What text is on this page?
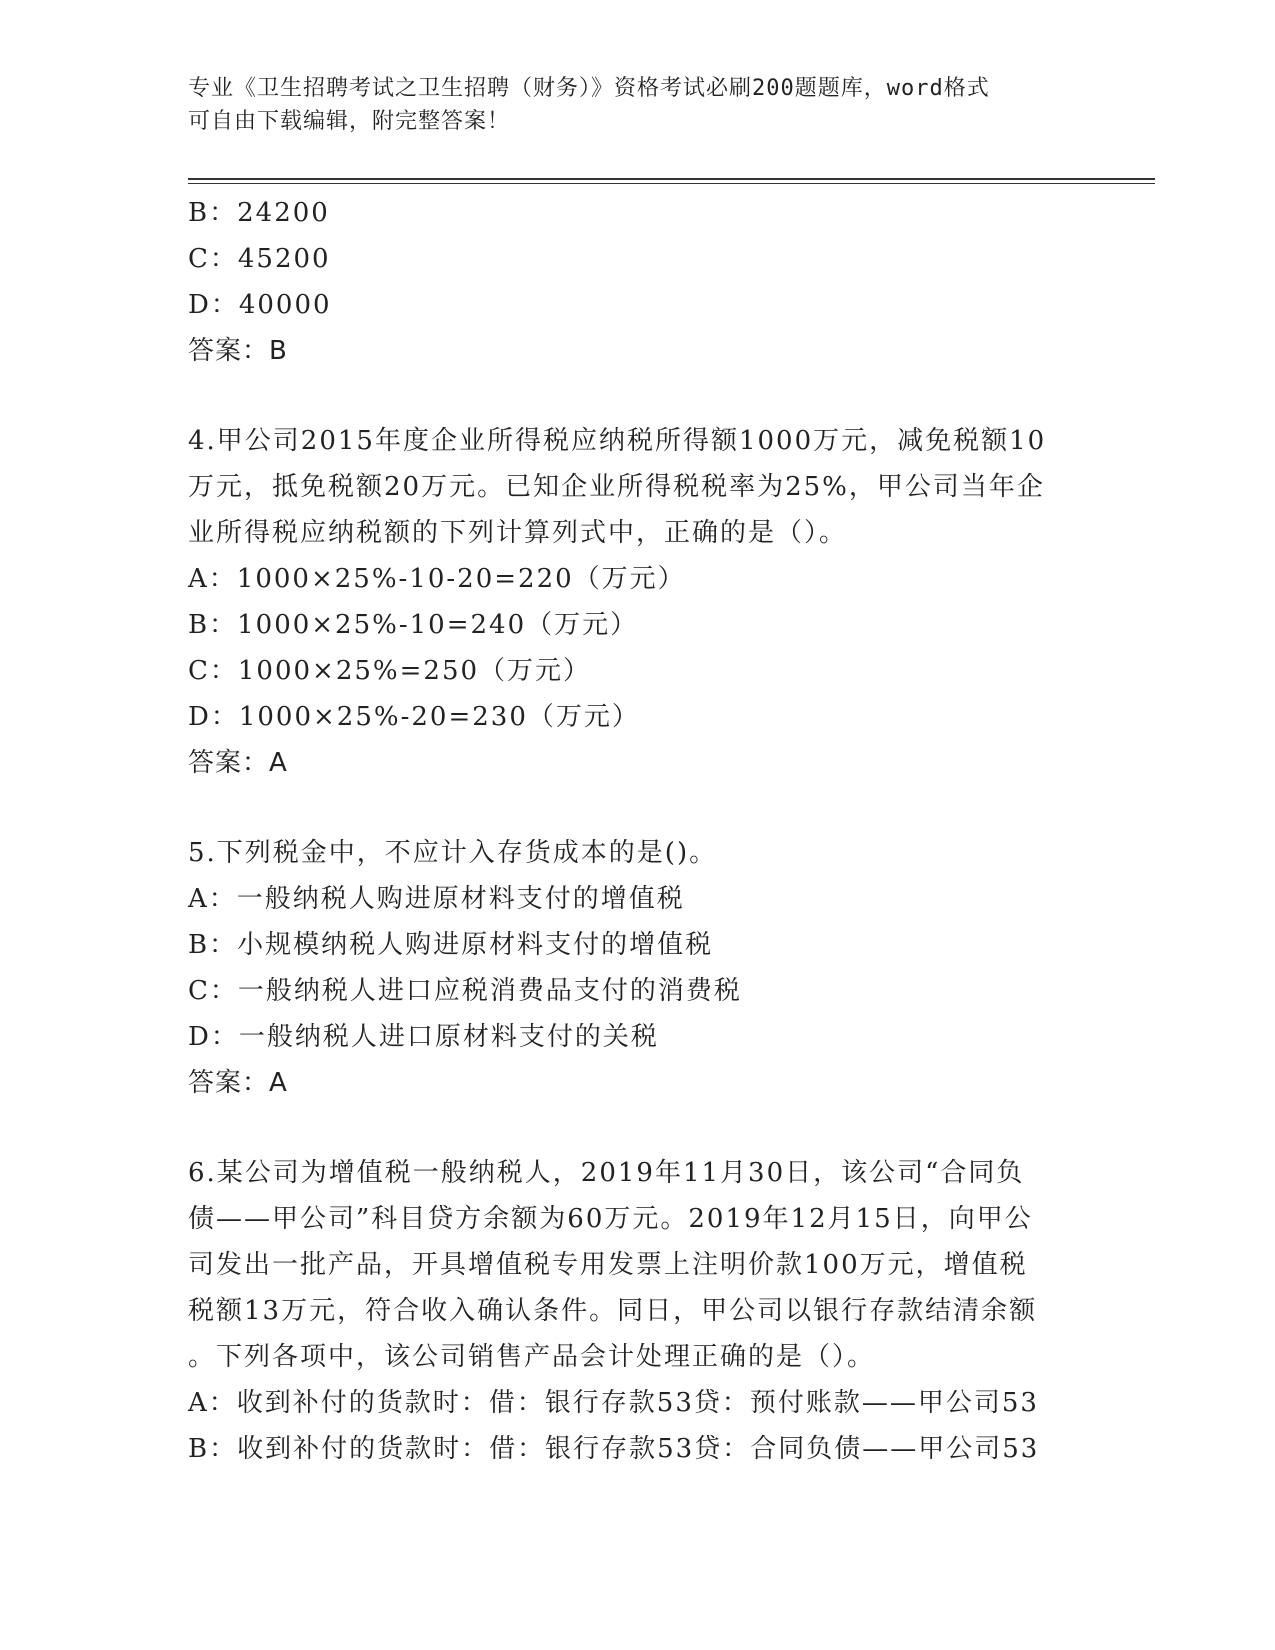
专业《卫生招聘考试之卫生招聘（财务）》资格考试必刷200题题库，word格式
可自由下载编辑，附完整答案！
B：24200
C：45200
D：40000
答案：B
4.甲公司2015年度企业所得税应纳税所得额1000万元，减免税额10
万元，抵免税额20万元。已知企业所得税税率为25%，甲公司当年企
业所得税应纳税额的下列计算列式中，正确的是（）。
A：1000×25%-10-20=220（万元）
B：1000×25%-10=240（万元）
C：1000×25%=250（万元）
D：1000×25%-20=230（万元）
答案：A
5.下列税金中，不应计入存货成本的是()。
A：一般纳税人购进原材料支付的增值税
B：小规模纳税人购进原材料支付的增值税
C：一般纳税人进口应税消费品支付的消费税
D：一般纳税人进口原材料支付的关税
答案：A
6.某公司为增值税一般纳税人，2019年11月30日，该公司“合同负
债——甲公司”科目贷方余额为60万元。2019年12月15日，向甲公
司发出一批产品，开具增值税专用发票上注明价款100万元，增值税
税额13万元，符合收入确认条件。同日，甲公司以银行存款结清余额
。下列各项中，该公司销售产品会计处理正确的是（）。
A：收到补付的货款时：借：银行存款53贷：预付账款——甲公司53
B：收到补付的货款时：借：银行存款53贷：合同负债——甲公司53
